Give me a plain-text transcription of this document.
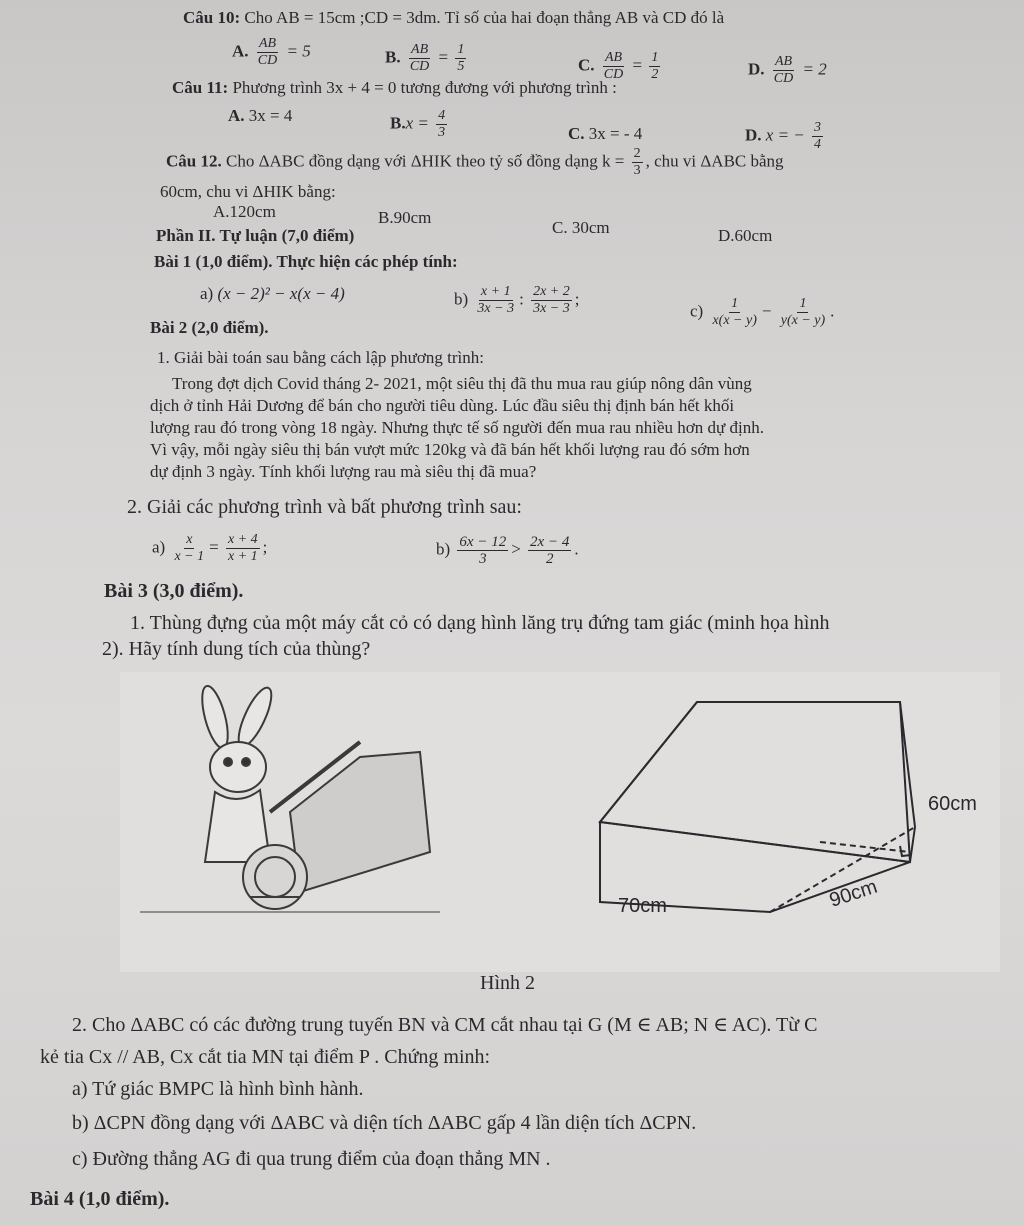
Câu 10: Cho AB = 15cm ;CD = 3dm. Tỉ số của hai đoạn thẳng AB và CD đó là
A. $\frac{AB}{CD} = 5$	B. $\frac{AB}{CD} = \frac{1}{5}$	C. $\frac{AB}{CD} = \frac{1}{2}$	D. $\frac{AB}{CD} = 2$
Câu 11: Phương trình 3x + 4 = 0 tương đương với phương trình :
A. 3x = 4	$B.x = \frac{4}{3}$	C. 3x = - 4	D. x = − $\frac{3}{4}$
Câu 12. Cho ΔABC đồng dạng với ΔHIK theo tỷ số đồng dạng $k = \frac{2}{3}$ , chu vi ΔABC bằng
60cm, chu vi ΔHIK bằng:
A.120cm	B.90cm
C. 30cm	D.60cm
Phần II. Tự luận (7,0 điểm)
Bài 1 (1,0 điểm). Thực hiện các phép tính:
a) (x − 2)² − x(x − 4)	$b) \frac{x + 1}{3x - 3}$ : $\frac{2x + 2}{3x - 3}$ ;
$c) \frac{1}{x(x - y)} - \frac{1}{y(x - y)}$ .
Bài 2 (2,0 điểm).
1. Giải bài toán sau bằng cách lập phương trình:
Trong đợt dịch Covid tháng 2- 2021, một siêu thị đã thu mua rau giúp nông dân vùng
dịch ở tỉnh Hải Dương để bán cho người tiêu dùng. Lúc đầu siêu thị định bán hết khối
lượng rau đó trong vòng 18 ngày. Nhưng thực tế số người đến mua rau nhiều hơn dự định.
Vì vậy, mỗi ngày siêu thị bán vượt mức 120kg và đã bán hết khối lượng rau đó sớm hơn
dự định 3 ngày. Tính khối lượng rau mà siêu thị đã mua?
2. Giải các phương trình và bất phương trình sau:
$a) \frac{x}{x - 1} = \frac{x + 4}{x + 1}$ ;	$b) \frac{6x - 12}{3} > \frac{2x - 4}{2}$ .
Bài 3 (3,0 điểm).
1. Thùng đựng của một máy cắt cỏ có dạng hình lăng trụ đứng tam giác (minh họa hình
2). Hãy tính dung tích của thùng?
60cm
70cm	90cm
Hình 2
2. Cho ΔABC có các đường trung tuyến BN và CM cắt nhau tại G (M ∈ AB; N ∈ AC). Từ C
kẻ tia Cx // AB, Cx cắt tia MN tại điểm P . Chứng minh:
a) Tứ giác BMPC là hình bình hành.
b) ΔCPN đồng dạng với ΔABC và diện tích ΔABC gấp 4 lần diện tích ΔCPN.
c) Đường thẳng AG đi qua trung điểm của đoạn thẳng MN .
Bài 4 (1,0 điểm).
